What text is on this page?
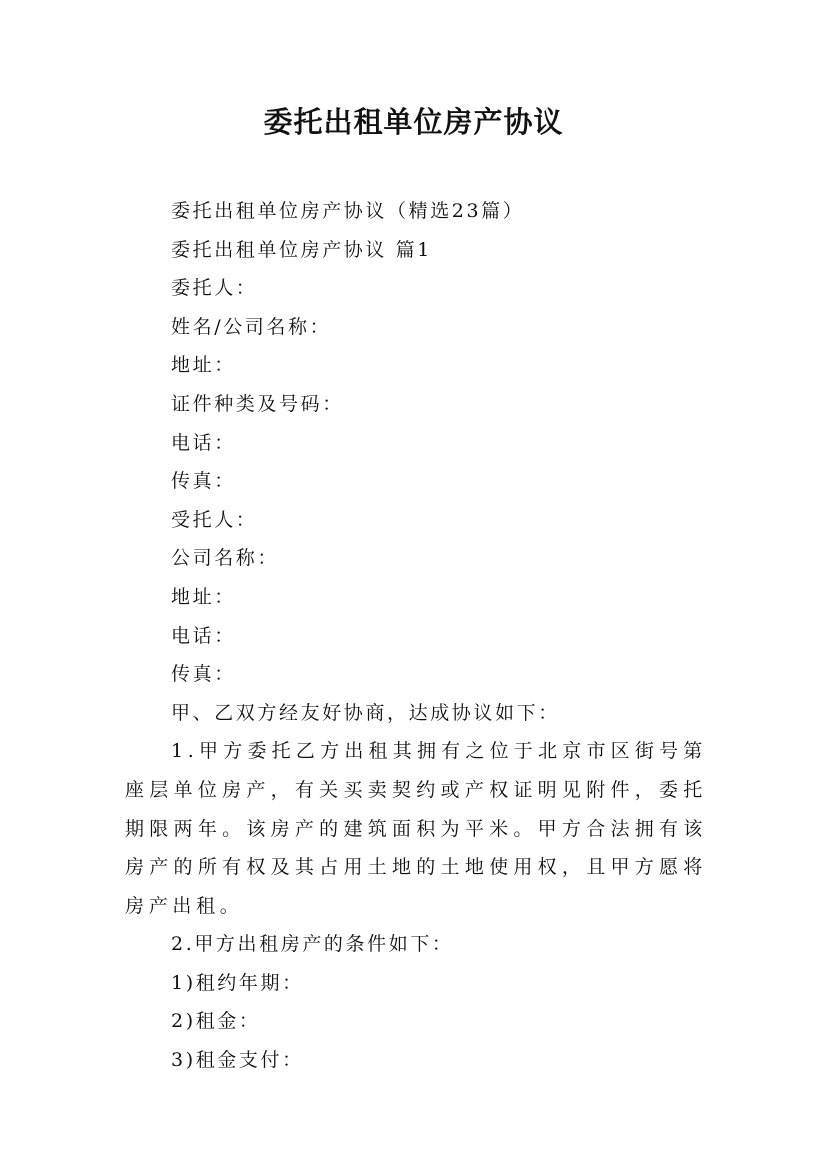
委托出租单位房产协议

委托出租单位房产协议（精选23篇）

委托出租单位房产协议 篇1

委托人：

姓名/公司名称：

地址：

证件种类及号码：

电话：

传真：

受托人：

公司名称：

地址：

电话：

传真：

甲、乙双方经友好协商，达成协议如下：

1.甲方委托乙方出租其拥有之位于北京市区街号第座层单位房产，有关买卖契约或产权证明见附件，委托期限两年。该房产的建筑面积为平米。甲方合法拥有该房产的所有权及其占用土地的土地使用权，且甲方愿将房产出租。

2.甲方出租房产的条件如下：

1)租约年期：

2)租金：

3)租金支付：
